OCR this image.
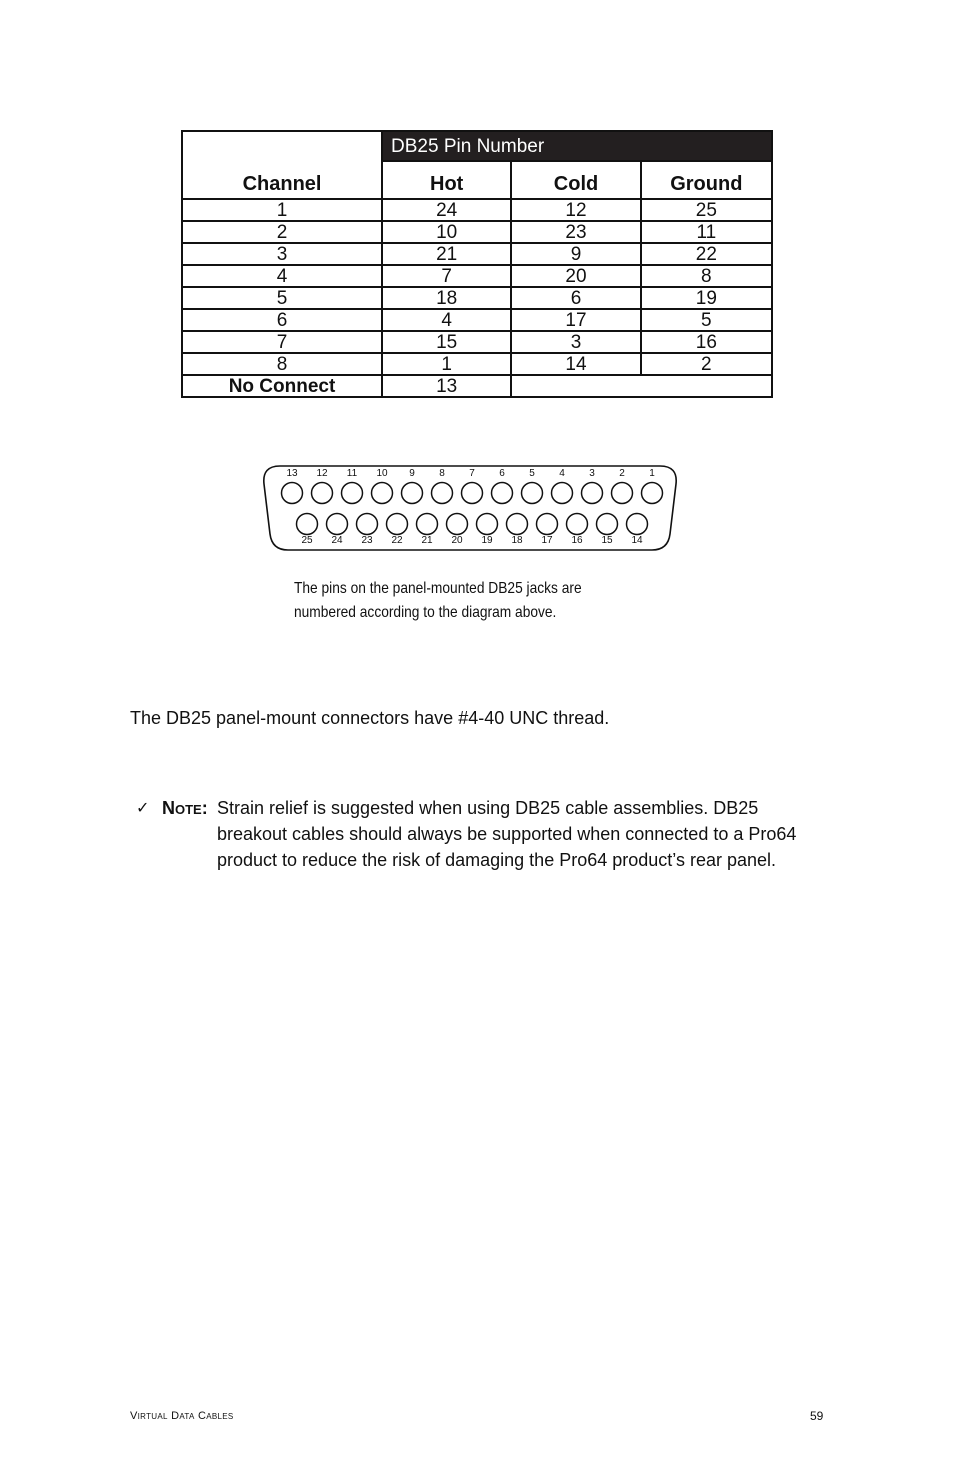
Channel	DB25 Pin Number		
	Hot	Cold	Ground
1	24	12	25
2	10	23	11
3	21	9	22
4	7	20	8
5	18	6	19
6	4	17	5
7	15	3	16
8	1	14	2
No Connect	13		
13 12 11 10 9 8 7 6 5 4 3 2 1
25 24 23 22 21 20 19 18 17 16 15 14
The pins on the panel-mounted DB25 jacks are
numbered according to the diagram above.
The DB25 panel-mount connectors have #4-40 UNC thread.
✓ Note: Strain relief is suggested when using DB25 cable assemblies. DB25 breakout cables should always be supported when connected to a Pro64 product to reduce the risk of damaging the Pro64 product’s rear panel.
Virtual Data Cables	59
